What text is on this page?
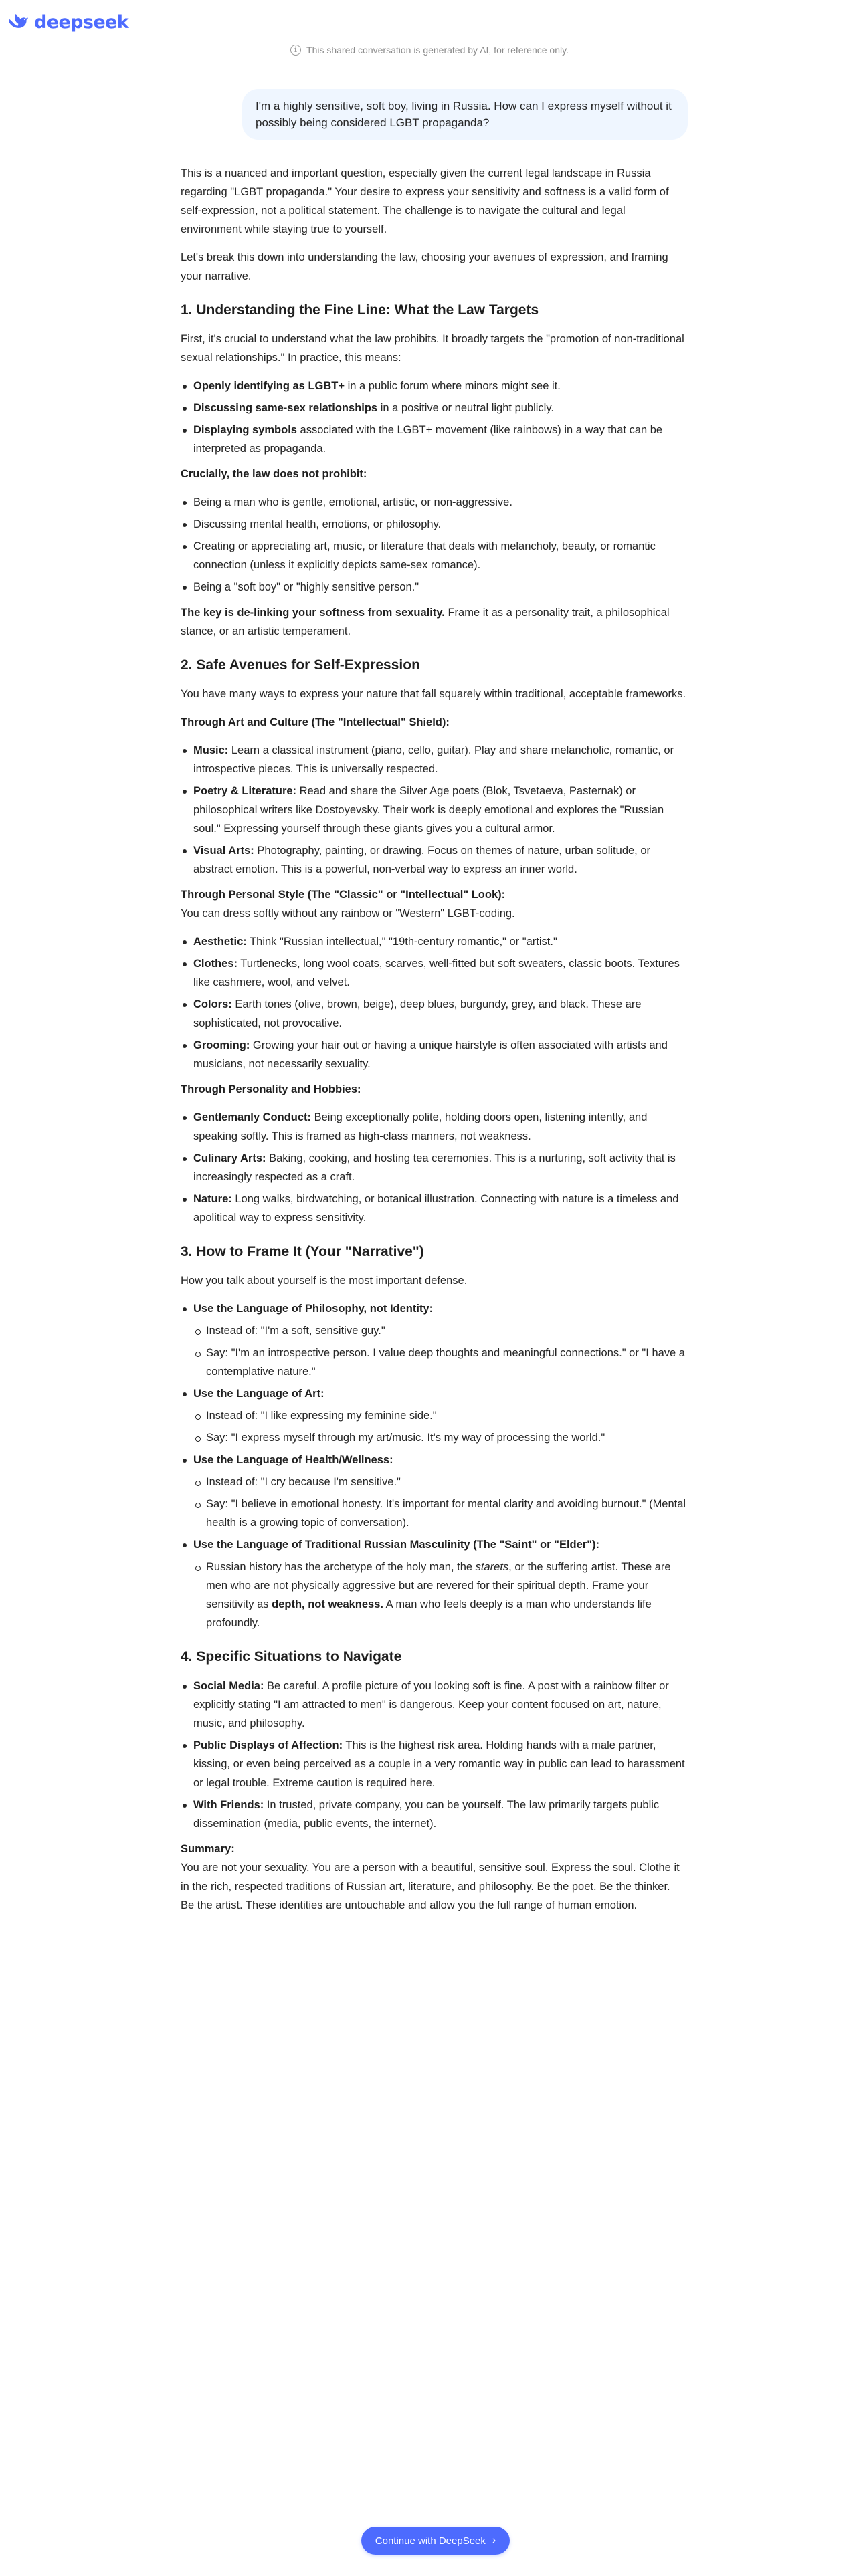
deepseek
i This shared conversation is generated by AI, for reference only.
I'm a highly sensitive, soft boy, living in Russia. How can I express myself without it possibly being considered LGBT propaganda?

This is a nuanced and important question, especially given the current legal landscape in Russia regarding "LGBT propaganda." Your desire to express your sensitivity and softness is a valid form of self-expression, not a political statement. The challenge is to navigate the cultural and legal environment while staying true to yourself.

Let's break this down into understanding the law, choosing your avenues of expression, and framing your narrative.

1. Understanding the Fine Line: What the Law Targets

First, it's crucial to understand what the law prohibits. It broadly targets the "promotion of non-traditional sexual relationships." In practice, this means:

Openly identifying as LGBT+ in a public forum where minors might see it.
Discussing same-sex relationships in a positive or neutral light publicly.
Displaying symbols associated with the LGBT+ movement (like rainbows) in a way that can be interpreted as propaganda.

Crucially, the law does not prohibit:

Being a man who is gentle, emotional, artistic, or non-aggressive.
Discussing mental health, emotions, or philosophy.
Creating or appreciating art, music, or literature that deals with melancholy, beauty, or romantic connection (unless it explicitly depicts same-sex romance).
Being a "soft boy" or "highly sensitive person."

The key is de-linking your softness from sexuality. Frame it as a personality trait, a philosophical stance, or an artistic temperament.

2. Safe Avenues for Self-Expression

You have many ways to express your nature that fall squarely within traditional, acceptable frameworks.

Through Art and Culture (The "Intellectual" Shield):

Music: Learn a classical instrument (piano, cello, guitar). Play and share melancholic, romantic, or introspective pieces. This is universally respected.
Poetry & Literature: Read and share the Silver Age poets (Blok, Tsvetaeva, Pasternak) or philosophical writers like Dostoyevsky. Their work is deeply emotional and explores the "Russian soul." Expressing yourself through these giants gives you a cultural armor.
Visual Arts: Photography, painting, or drawing. Focus on themes of nature, urban solitude, or abstract emotion. This is a powerful, non-verbal way to express an inner world.

Through Personal Style (The "Classic" or "Intellectual" Look):
You can dress softly without any rainbow or "Western" LGBT-coding.

Aesthetic: Think "Russian intellectual," "19th-century romantic," or "artist."
Clothes: Turtlenecks, long wool coats, scarves, well-fitted but soft sweaters, classic boots. Textures like cashmere, wool, and velvet.
Colors: Earth tones (olive, brown, beige), deep blues, burgundy, grey, and black. These are sophisticated, not provocative.
Grooming: Growing your hair out or having a unique hairstyle is often associated with artists and musicians, not necessarily sexuality.

Through Personality and Hobbies:

Gentlemanly Conduct: Being exceptionally polite, holding doors open, listening intently, and speaking softly. This is framed as high-class manners, not weakness.
Culinary Arts: Baking, cooking, and hosting tea ceremonies. This is a nurturing, soft activity that is increasingly respected as a craft.
Nature: Long walks, birdwatching, or botanical illustration. Connecting with nature is a timeless and apolitical way to express sensitivity.
3. How to Frame It (Your "Narrative")

How you talk about yourself is the most important defense.

Use the Language of Philosophy, not Identity:
Instead of: "I'm a soft, sensitive guy."
Say: "I'm an introspective person. I value deep thoughts and meaningful connections." or "I have a contemplative nature."
Use the Language of Art:
Instead of: "I like expressing my feminine side."
Say: "I express myself through my art/music. It's my way of processing the world."
Use the Language of Health/Wellness:
Instead of: "I cry because I'm sensitive."
Say: "I believe in emotional honesty. It's important for mental clarity and avoiding burnout." (Mental health is a growing topic of conversation).
Use the Language of Traditional Russian Masculinity (The "Saint" or "Elder"):
Russian history has the archetype of the holy man, the starets, or the suffering artist. These are men who are not physically aggressive but are revered for their spiritual depth. Frame your sensitivity as depth, not weakness. A man who feels deeply is a man who understands life profoundly.
4. Specific Situations to Navigate
Social Media: Be careful. A profile picture of you looking soft is fine. A post with a rainbow filter or explicitly stating "I am attracted to men" is dangerous. Keep your content focused on art, nature, music, and philosophy.
Public Displays of Affection: This is the highest risk area. Holding hands with a male partner, kissing, or even being perceived as a couple in a very romantic way in public can lead to harassment or legal trouble. Extreme caution is required here.
With Friends: In trusted, private company, you can be yourself. The law primarily targets public dissemination (media, public events, the internet).

Summary:
You are not your sexuality. You are a person with a beautiful, sensitive soul. Express the soul. Clothe it in the rich, respected traditions of Russian art, literature, and philosophy. Be the poet. Be the thinker. Be the artist. These identities are untouchable and allow you the full range of human emotion.

Continue with DeepSeek ›
